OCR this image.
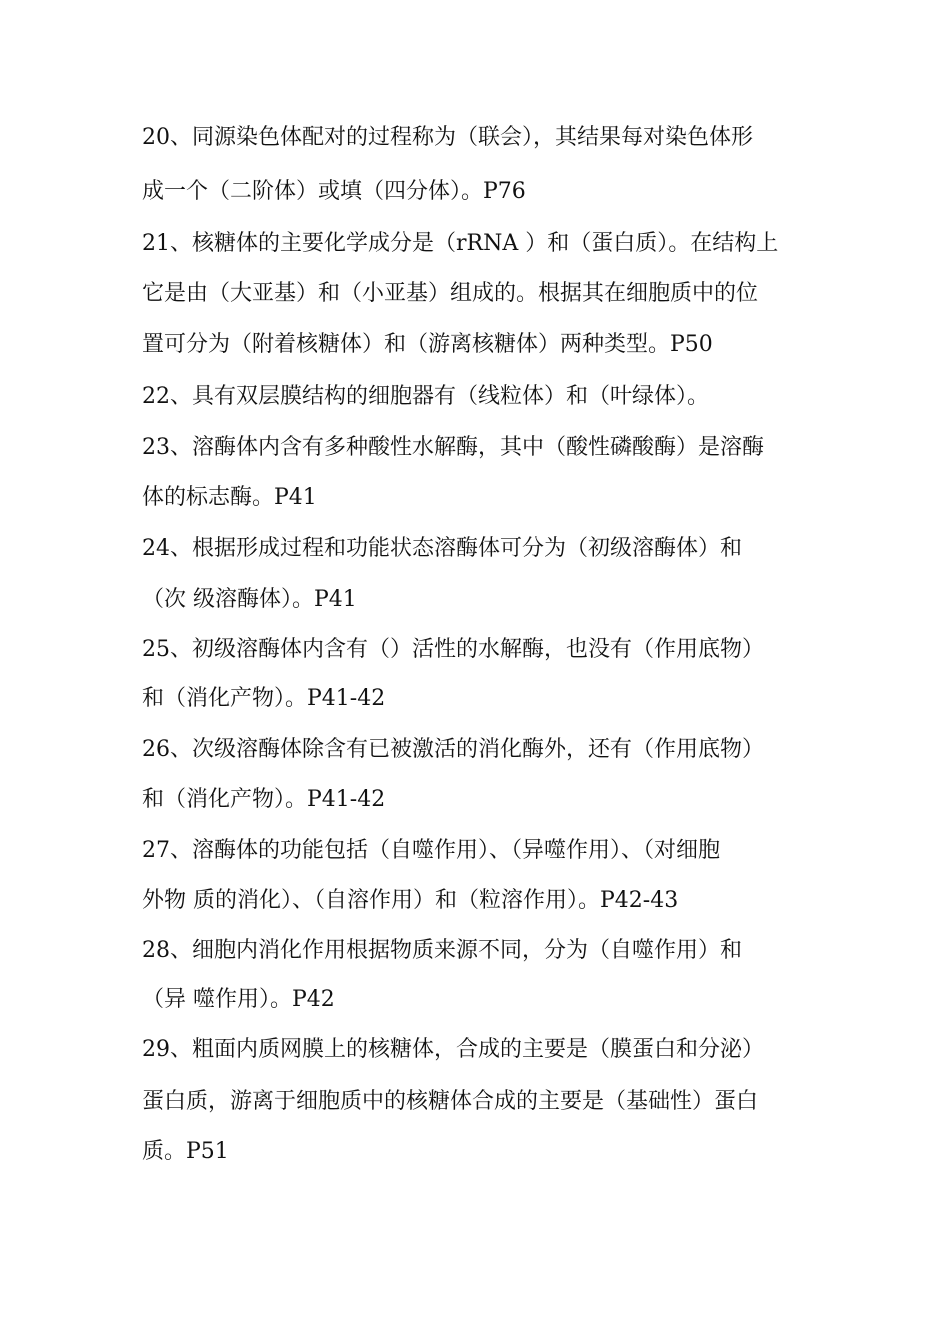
20、同源染色体配对的过程称为（联会），其结果每对染色体形
成一个（二阶体）或填（四分体）。P76
21、核糖体的主要化学成分是（rRNA ）和（蛋白质）。在结构上
它是由（大亚基）和（小亚基）组成的。根据其在细胞质中的位
置可分为（附着核糖体）和（游离核糖体）两种类型。P50
22、具有双层膜结构的细胞器有（线粒体）和（叶绿体）。
23、溶酶体内含有多种酸性水解酶，其中（酸性磷酸酶）是溶酶
体的标志酶。P41
24、根据形成过程和功能状态溶酶体可分为（初级溶酶体）和
（次 级溶酶体）。P41
25、初级溶酶体内含有（）活性的水解酶，也没有（作用底物）
和（消化产物）。P41-42
26、次级溶酶体除含有已被激活的消化酶外，还有（作用底物）
和（消化产物）。P41-42
27、溶酶体的功能包括（自噬作用）、（异噬作用）、（对细胞
外物 质的消化）、（自溶作用）和（粒溶作用）。P42-43
28、细胞内消化作用根据物质来源不同，分为（自噬作用）和
（异 噬作用）。P42
29、粗面内质网膜上的核糖体，合成的主要是（膜蛋白和分泌）
蛋白质，游离于细胞质中的核糖体合成的主要是（基础性）蛋白
质。P51
